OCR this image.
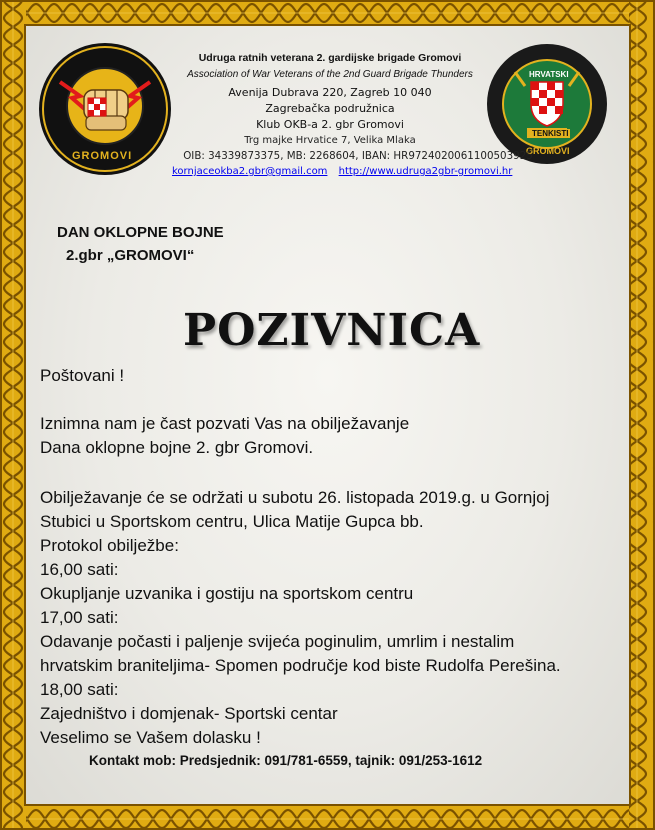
GROMOVI
HRVATSKI
TENKISTI
GROMOVI
Udruga ratnih veterana 2. gardijske brigade Gromovi
Association of War Veterans of the 2nd Guard Brigade Thunders
Avenija Dubrava 220, Zagreb 10 040
Zagrebačka podružnica
Klub OKB-a 2. gbr Gromovi
Trg majke Hrvatice 7, Velika Mlaka
OIB: 34339873375, MB: 2268604, IBAN: HR9724020061100503925
kornjaceokba2.gbr@gmail.com http://www.udruga2gbr-gromovi.hr
DAN OKLOPNE BOJNE
2.gbr „GROMOVI“
POZIVNICA
Poštovani !
Iznimna nam je čast pozvati Vas na obilježavanje
Dana oklopne bojne 2. gbr Gromovi.
Obilježavanje će se održati u subotu 26. listopada 2019.g. u Gornjoj
Stubici u Sportskom centru, Ulica Matije Gupca bb.
Protokol obilježbe:
16,00 sati:
Okupljanje uzvanika i gostiju na sportskom centru
17,00 sati:
Odavanje počasti i paljenje svijeća poginulim, umrlim i nestalim
hrvatskim braniteljima- Spomen područje kod biste Rudolfa Perešina.
18,00 sati:
Zajedništvo i domjenak- Sportski centar
Veselimo se Vašem dolasku !
Kontakt mob: Predsjednik: 091/781-6559, tajnik: 091/253-1612
